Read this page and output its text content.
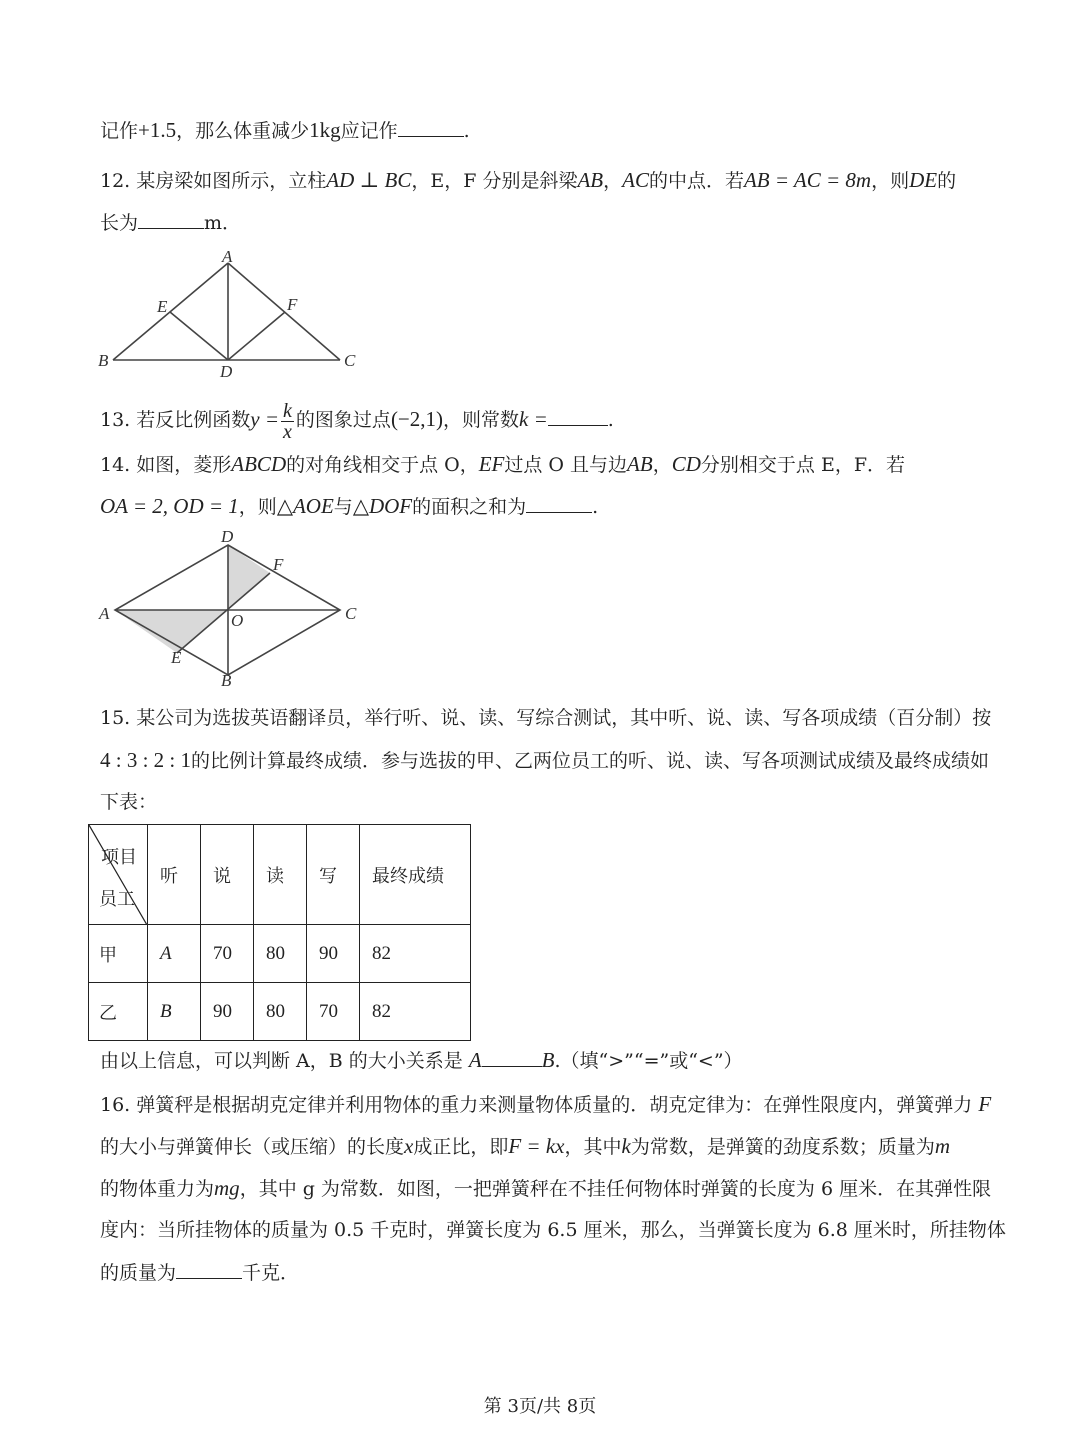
记作+1.5，那么体重减少1kg应记作	.
12. 某房梁如图所示，立柱AD ⊥ BC，E，F 分别是斜梁AB，AC的中点．若AB = AC = 8m，则DE的
长为	m．
A
E	F
B	C
D
13. 若反比例函数$y = \frac{k}{x}$ 的图象过点(−2,1)，则常数k =	.
14. 如图，菱形ABCD的对角线相交于点 O，EF过点 O 且与边AB，CD分别相交于点 E，F．若
OA = 2, OD = 1，则△AOE与△DOF的面积之和为	.
D
F
A	O	C
E
B
15. 某公司为选拔英语翻译员，举行听、说、读、写综合测试，其中听、说、读、写各项成绩（百分制）按
4 : 3 : 2 : 1的比例计算最终成绩．参与选拔的甲、乙两位员工的听、说、读、写各项测试成绩及最终成绩如
下表：
项目
员工	听	说	读	写	最终成绩
甲	A	70	80	90	82
乙	B	90	80	70	82
由以上信息，可以判断 A，B 的大小关系是 A	B.（填“>”“=”或“<”）
16. 弹簧秤是根据胡克定律并利用物体的重力来测量物体质量的．胡克定律为：在弹性限度内，弹簧弹力 F
的大小与弹簧伸长（或压缩）的长度x成正比，即F = kx，其中k为常数，是弹簧的劲度系数；质量为m
的物体重力为mg，其中 g 为常数．如图，一把弹簧秤在不挂任何物体时弹簧的长度为 6 厘米．在其弹性限
度内：当所挂物体的质量为 0.5 千克时，弹簧长度为 6.5 厘米，那么，当弹簧长度为 6.8 厘米时，所挂物体
的质量为	千克．
第 3页/共 8页
